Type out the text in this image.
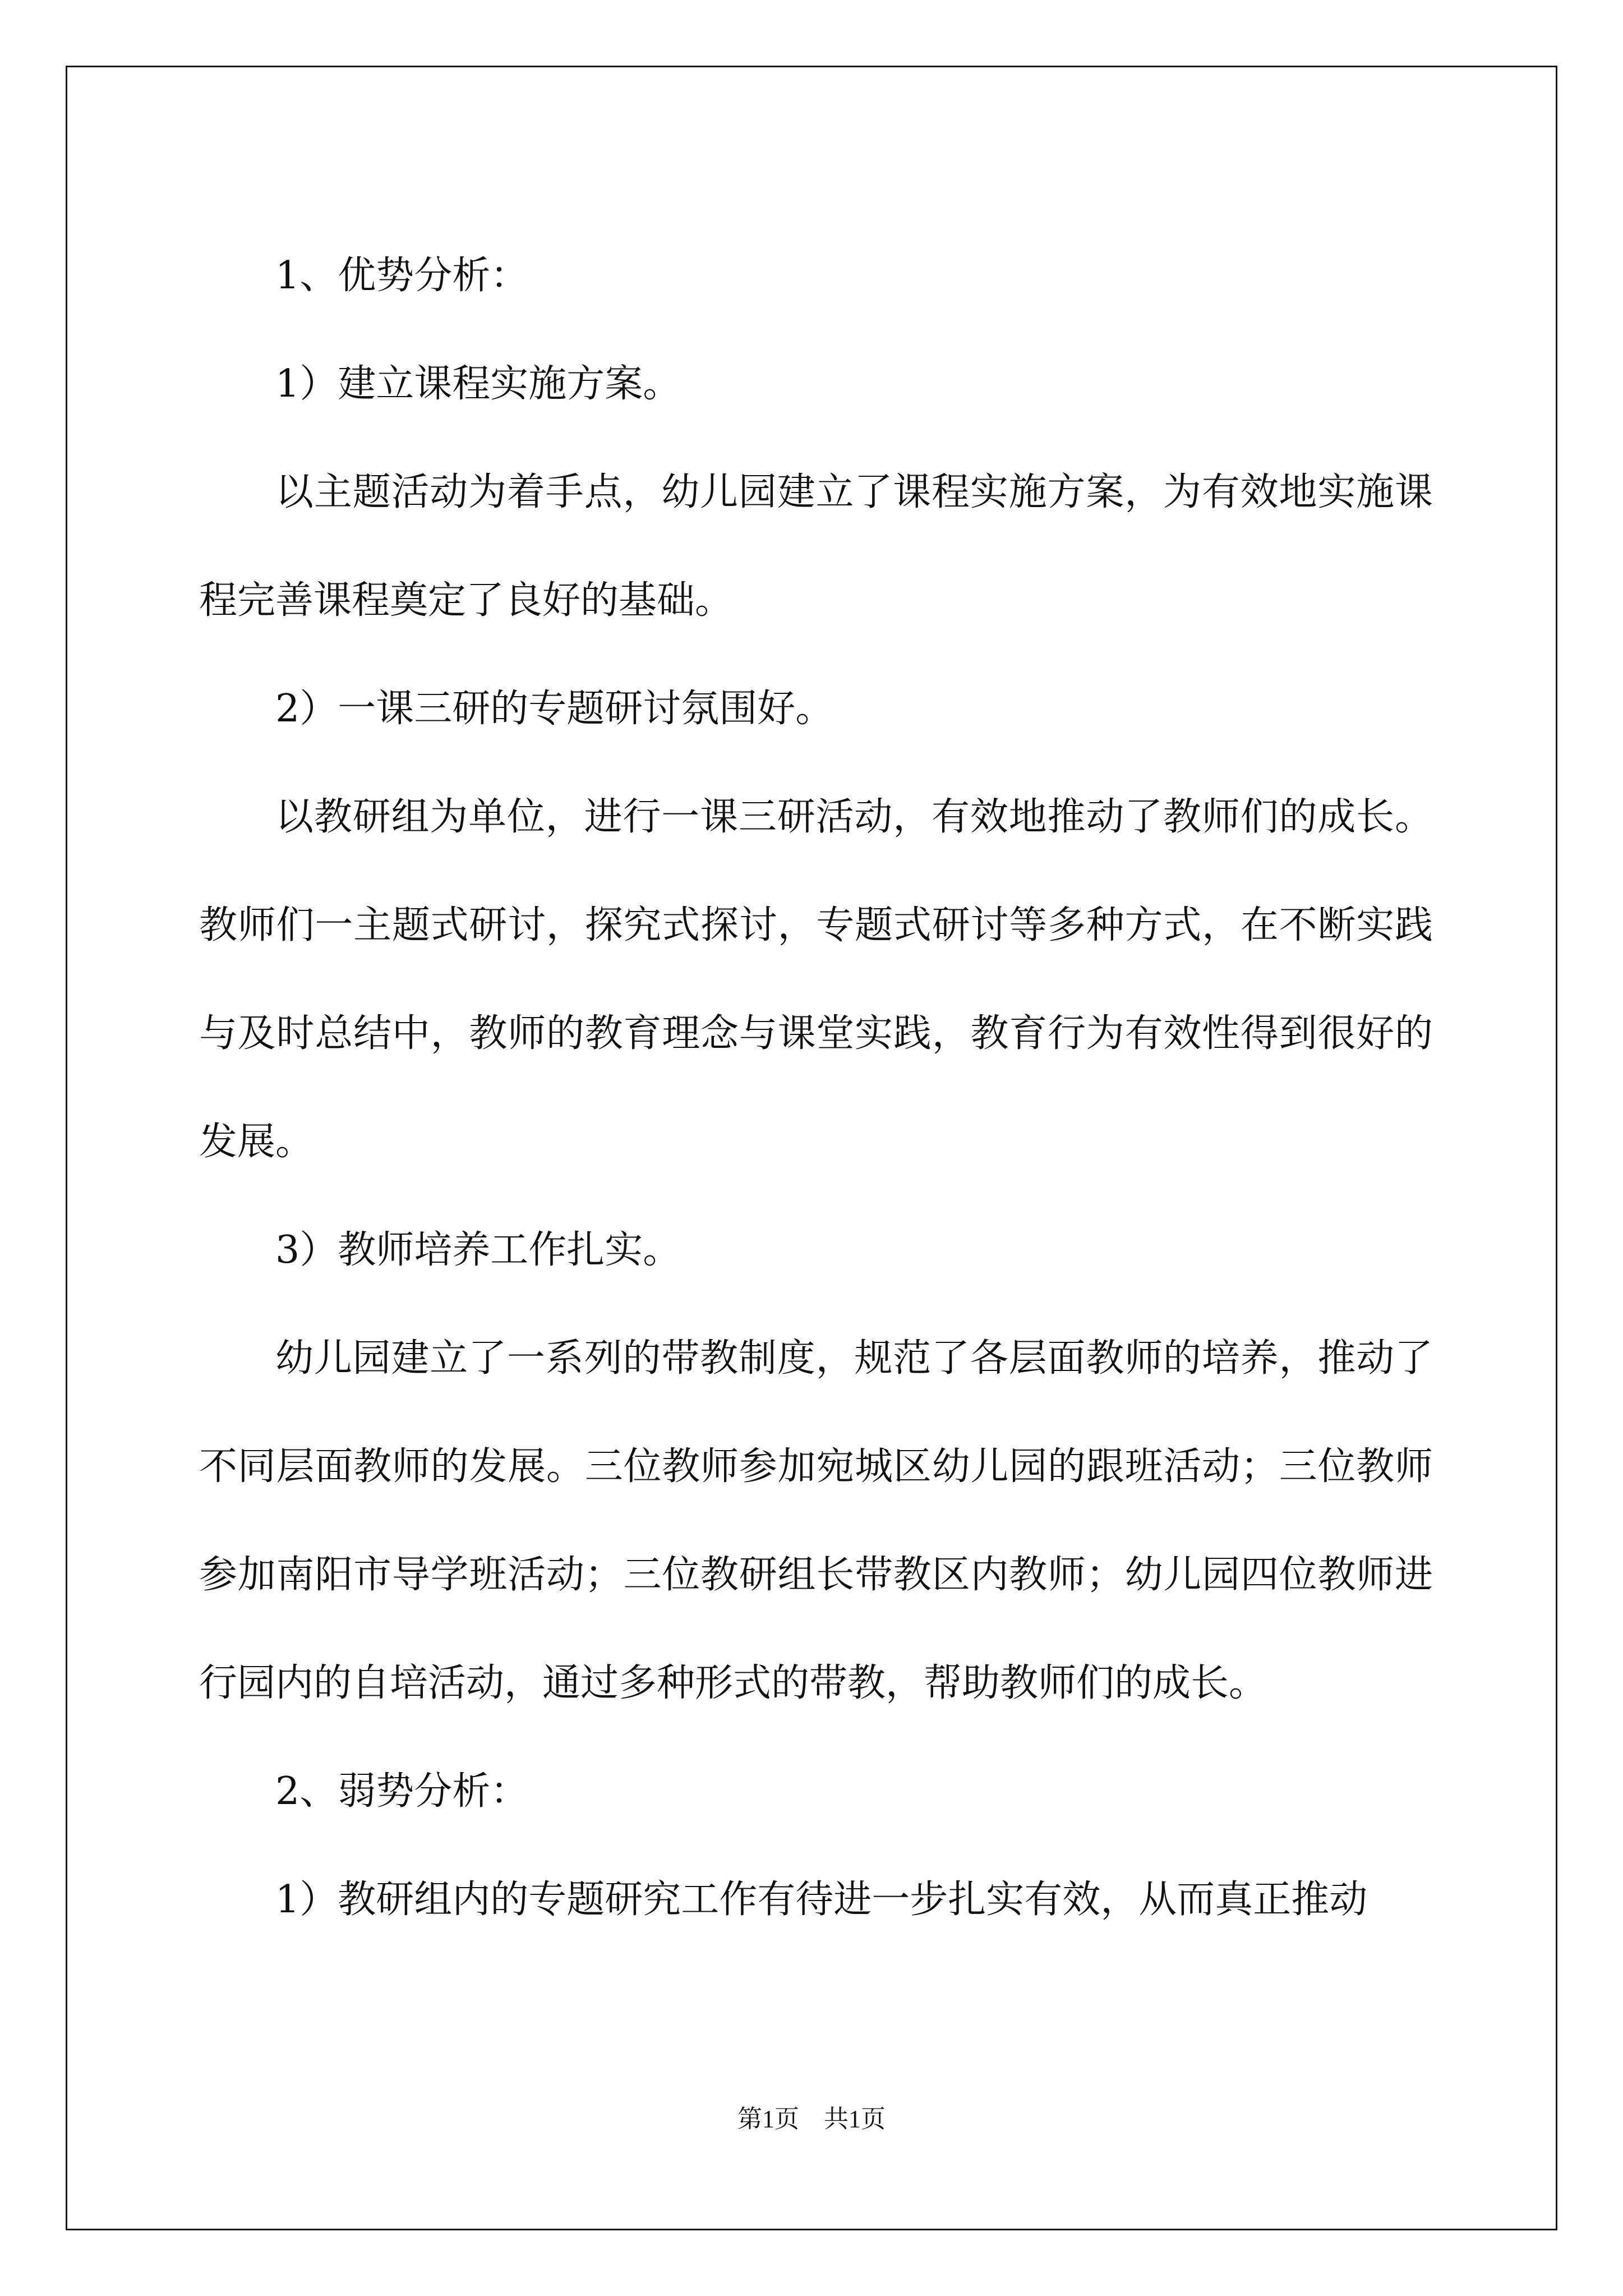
1、优势分析：

1）建立课程实施方案。

以主题活动为着手点，幼儿园建立了课程实施方案，为有效地实施课程完善课程奠定了良好的基础。

2）一课三研的专题研讨氛围好。

以教研组为单位，进行一课三研活动，有效地推动了教师们的成长。教师们一主题式研讨，探究式探讨，专题式研讨等多种方式，在不断实践与及时总结中，教师的教育理念与课堂实践，教育行为有效性得到很好的发展。

3）教师培养工作扎实。

幼儿园建立了一系列的带教制度，规范了各层面教师的培养，推动了不同层面教师的发展。三位教师参加宛城区幼儿园的跟班活动；三位教师参加南阳市导学班活动；三位教研组长带教区内教师；幼儿园四位教师进行园内的自培活动，通过多种形式的带教，帮助教师们的成长。

2、弱势分析：

1）教研组内的专题研究工作有待进一步扎实有效，从而真正推动

第1页　共1页
